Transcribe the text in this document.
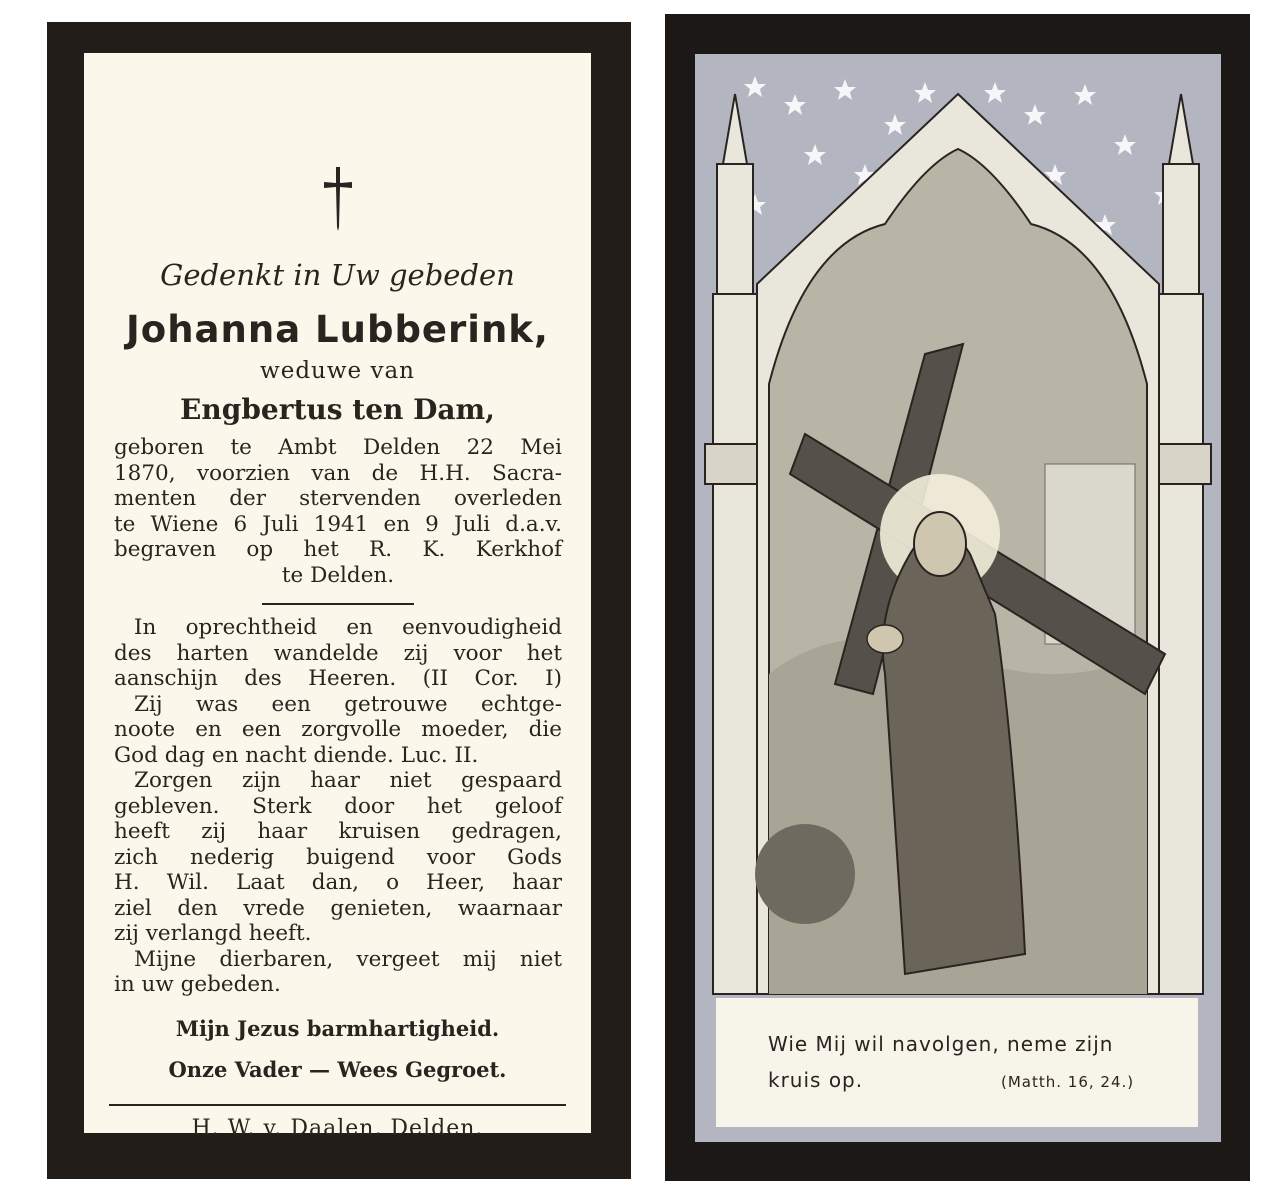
Gedenkt in Uw gebeden
Johanna Lubberink,
weduwe van
Engbertus ten Dam,
geboren te Ambt Delden 22 Mei
1870, voorzien van de H.H. Sacra-
menten der stervenden overleden
te Wiene 6 Juli 1941 en 9 Juli d.a.v.
begraven op het R. K. Kerkhof
te Delden.
In oprechtheid en eenvoudigheid
des harten wandelde zij voor het
aanschijn des Heeren. (II Cor. I)
Zij was een getrouwe echtge-
noote en een zorgvolle moeder, die
God dag en nacht diende. Luc. II.
Zorgen zijn haar niet gespaard
gebleven. Sterk door het geloof
heeft zij haar kruisen gedragen,
zich nederig buigend voor Gods
H. Wil. Laat dan, o Heer, haar
ziel den vrede genieten, waarnaar
zij verlangd heeft.
Mijne dierbaren, vergeet mij niet
in uw gebeden.
Mijn Jezus barmhartigheid.
Onze Vader — Wees Gegroet.
H. W. v. Daalen, Delden.
Wie Mij wil navolgen, neme zijn
kruis op.	(Matth. 16, 24.)
